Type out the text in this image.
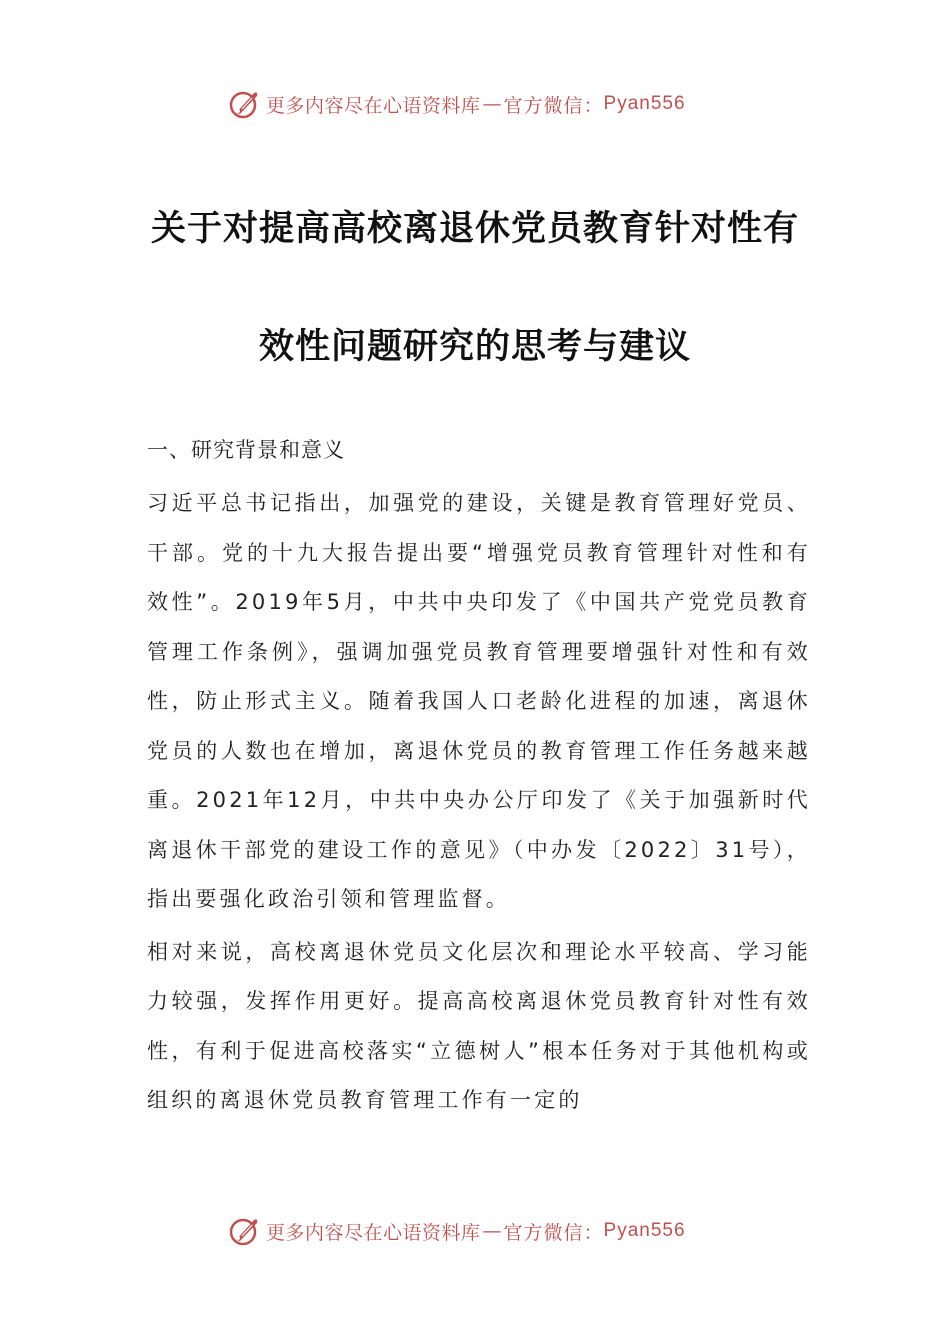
更多内容尽在心语资料库 — 官方微信： Pyan556
关于对提高高校离退休党员教育针对性有
效性问题研究的思考与建议
一、研究背景和意义

习近平总书记指出，加强党的建设，关键是教育管理好党员、干部。党的十九大报告提出要“增强党员教育管理针对性和有效性”。2019年5月，中共中央印发了《中国共产党党员教育管理工作条例》，强调加强党员教育管理要增强针对性和有效性，防止形式主义。随着我国人口老龄化进程的加速，离退休党员的人数也在增加，离退休党员的教育管理工作任务越来越重。2021年12月，中共中央办公厅印发了《关于加强新时代离退休干部党的建设工作的意见》（中办发〔2022〕31号），指出要强化政治引领和管理监督。

相对来说，高校离退休党员文化层次和理论水平较高、学习能力较强，发挥作用更好。提高高校离退休党员教育针对性有效性，有利于促进高校落实“立德树人”根本任务对于其他机构或组织的离退休党员教育管理工作有一定的

更多内容尽在心语资料库 — 官方微信： Pyan556
